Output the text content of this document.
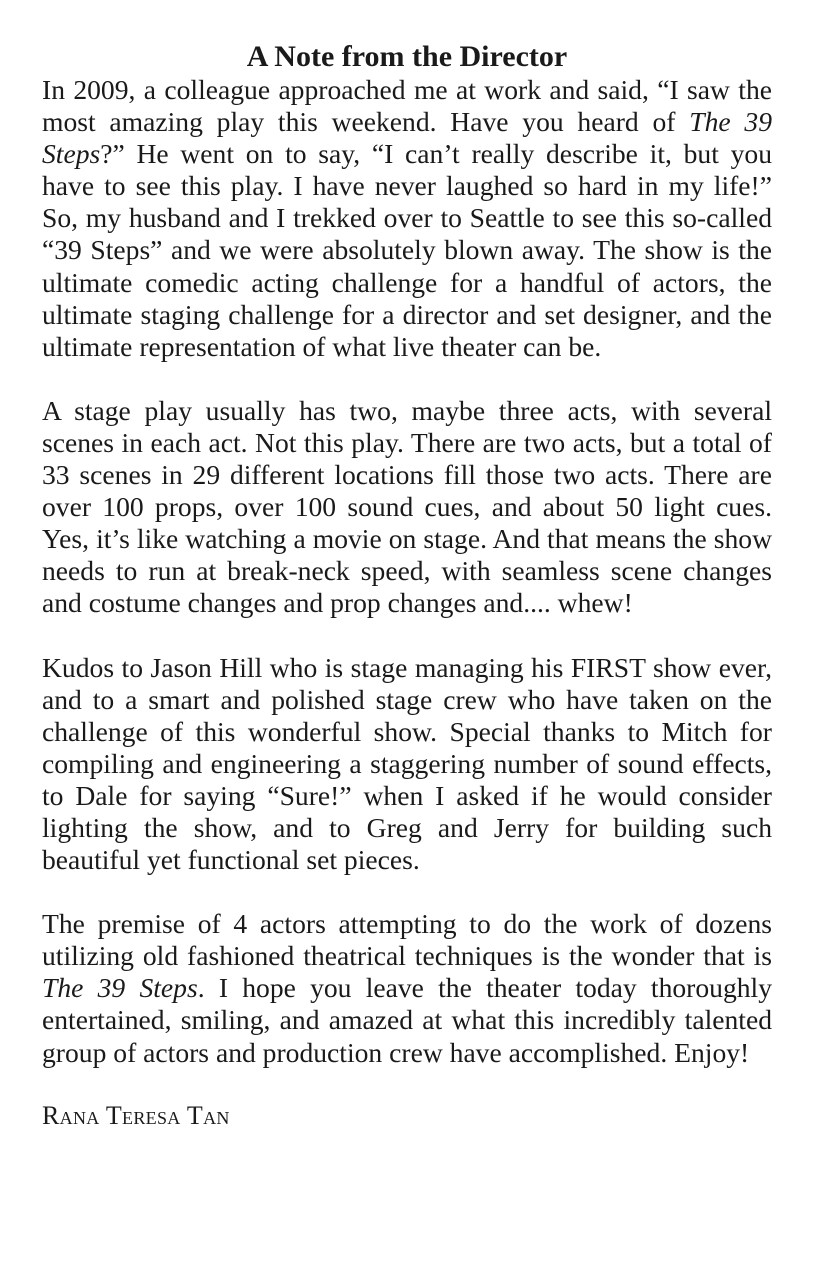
A Note from the Director

In 2009, a colleague approached me at work and said, “I saw the most amazing play this weekend. Have you heard of The 39 Steps?” He went on to say, “I can’t really describe it, but you have to see this play. I have never laughed so hard in my life!” So, my husband and I trekked over to Seattle to see this so-called “39 Steps” and we were absolutely blown away. The show is the ultimate comedic acting challenge for a handful of actors, the ultimate staging challenge for a director and set designer, and the ultimate representation of what live theater can be.

A stage play usually has two, maybe three acts, with several scenes in each act. Not this play. There are two acts, but a total of 33 scenes in 29 different locations fill those two acts. There are over 100 props, over 100 sound cues, and about 50 light cues. Yes, it’s like watching a movie on stage. And that means the show needs to run at break-neck speed, with seamless scene changes and costume changes and prop changes and.... whew!

Kudos to Jason Hill who is stage managing his FIRST show ever, and to a smart and polished stage crew who have taken on the challenge of this wonderful show. Special thanks to Mitch for compiling and engineering a staggering number of sound effects, to Dale for saying “Sure!” when I asked if he would consider lighting the show, and to Greg and Jerry for building such beautiful yet functional set pieces.

The premise of 4 actors attempting to do the work of dozens utilizing old fashioned theatrical techniques is the wonder that is The 39 Steps. I hope you leave the theater today thoroughly entertained, smiling, and amazed at what this incredibly talented group of actors and production crew have accomplished. Enjoy!

Rana Teresa Tan
